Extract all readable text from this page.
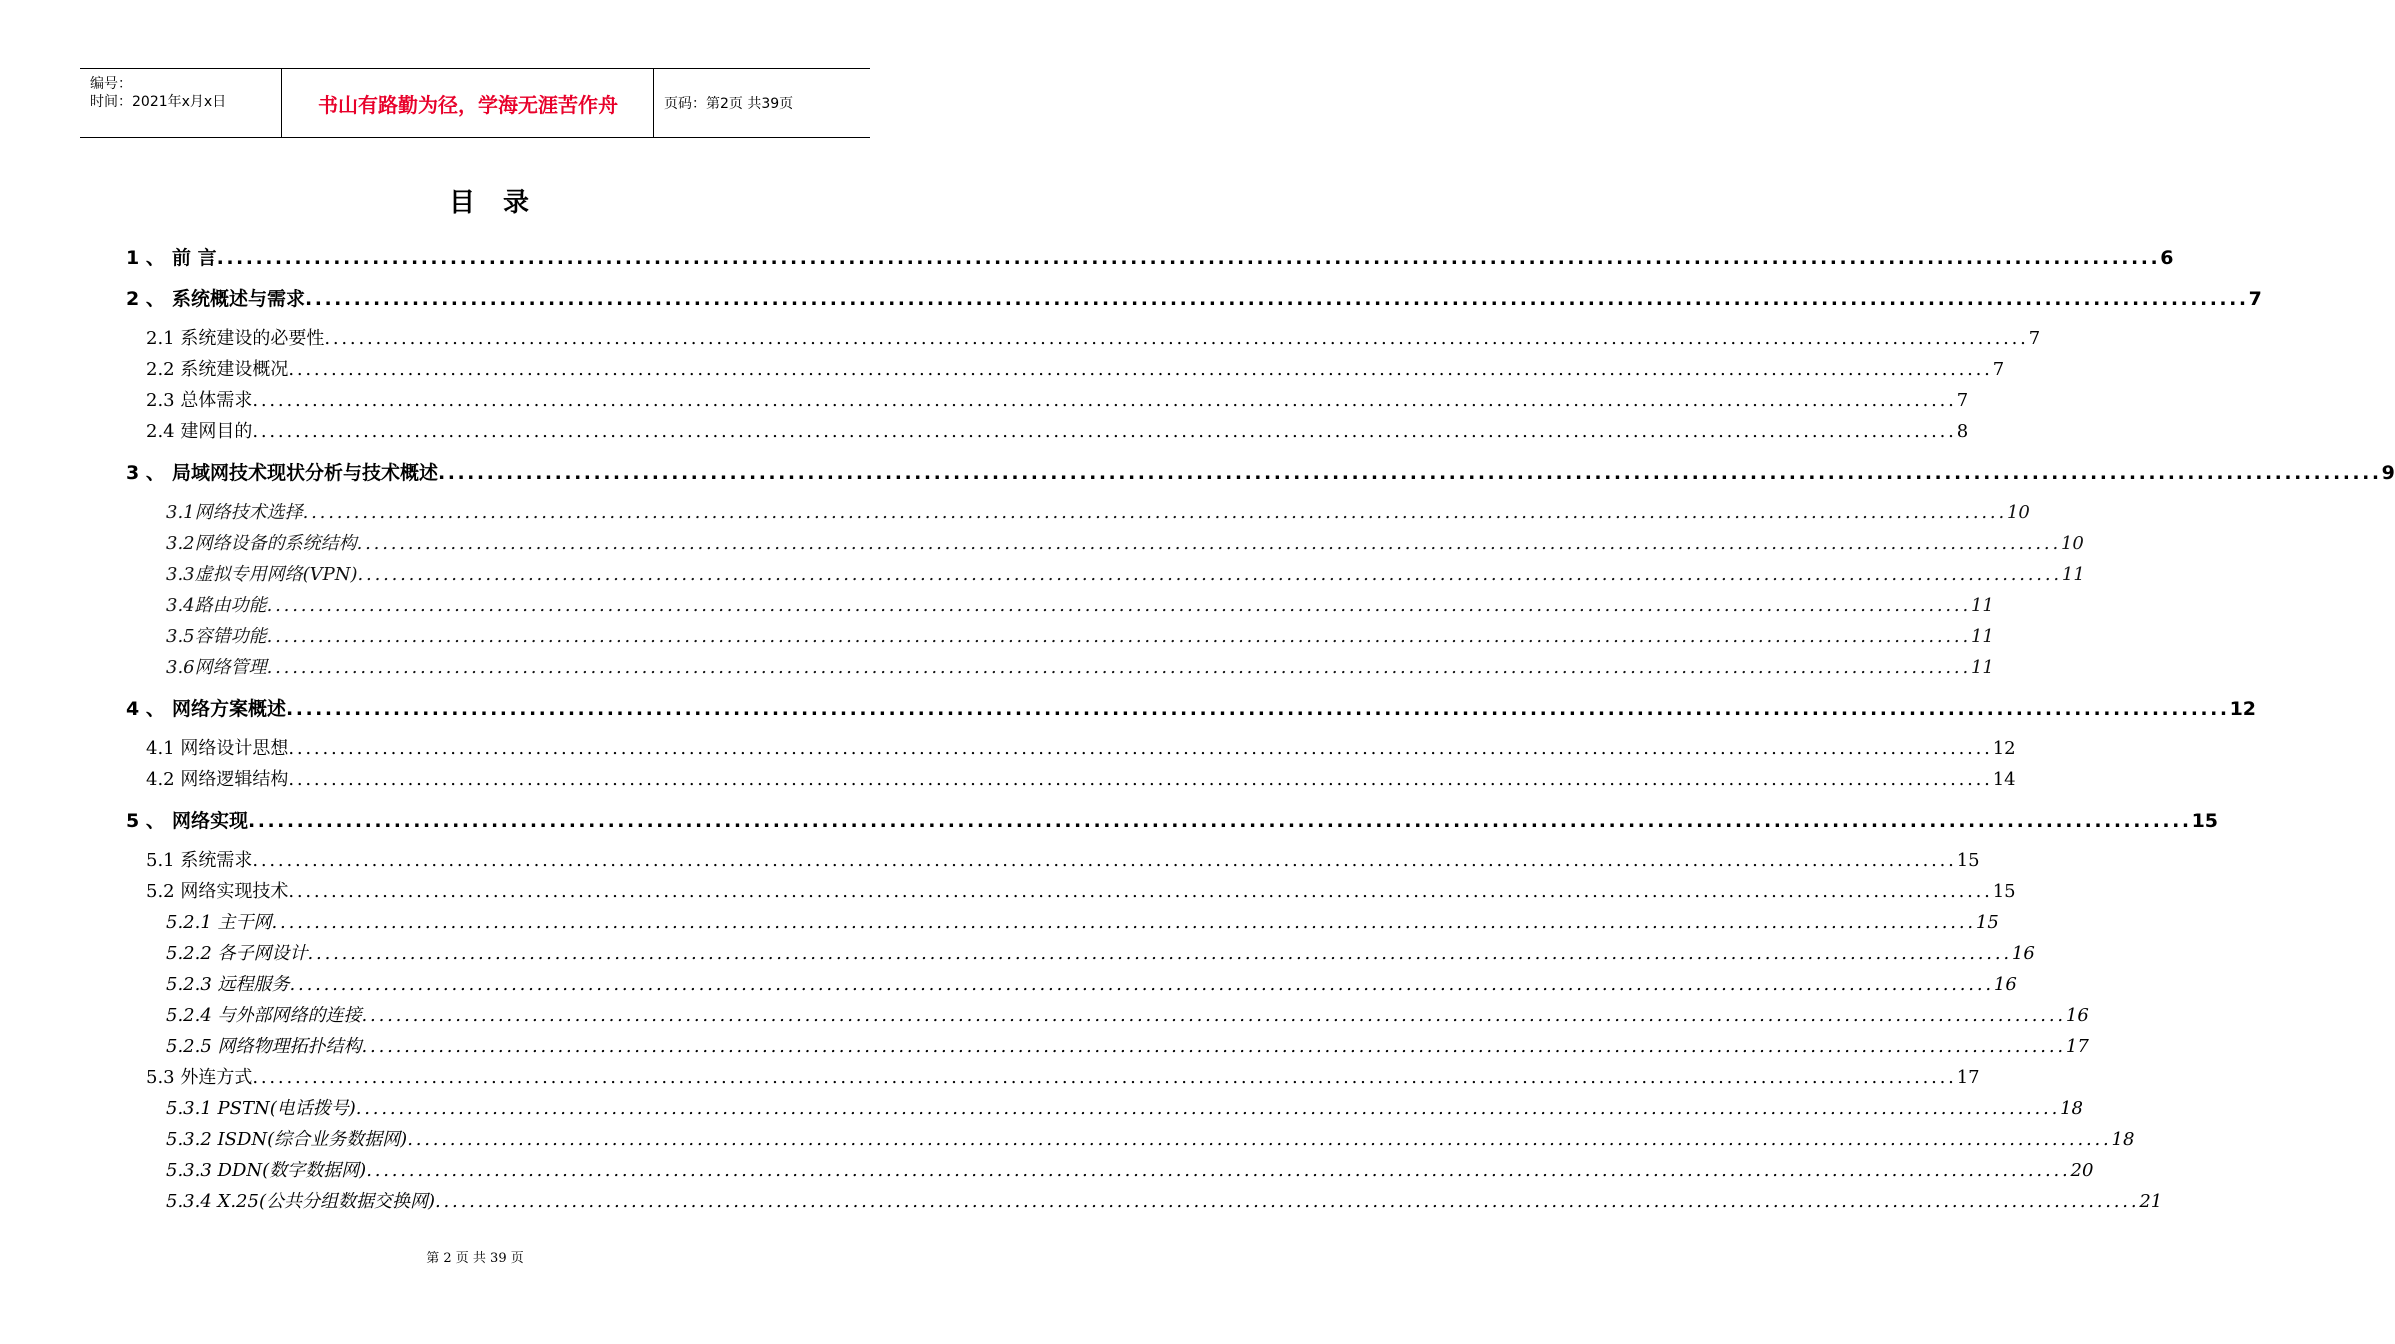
编号：
时间：2021年x月x日	书山有路勤为径，学海无涯苦作舟	页码：第2页 共39页
目录
1 、 前 言 ........................................................................................................................................................................................................ 6
2 、 系统概述与需求 ........................................................................................................................................................................................................ 7
2.1 系统建设的必要性 ........................................................................................................................................................................................................ 7
2.2 系统建设概况 ........................................................................................................................................................................................................ 7
2.3 总体需求 ........................................................................................................................................................................................................ 7
2.4 建网目的 ........................................................................................................................................................................................................ 8
3 、 局域网技术现状分析与技术概述 ........................................................................................................................................................................................................ 9
3.1网络技术选择 ........................................................................................................................................................................................................ 10
3.2网络设备的系统结构 ........................................................................................................................................................................................................ 10
3.3虚拟专用网络(VPN) ........................................................................................................................................................................................................ 11
3.4路由功能 ........................................................................................................................................................................................................ 11
3.5容错功能 ........................................................................................................................................................................................................ 11
3.6网络管理 ........................................................................................................................................................................................................ 11
4 、 网络方案概述 ........................................................................................................................................................................................................ 12
4.1 网络设计思想 ........................................................................................................................................................................................................ 12
4.2 网络逻辑结构 ........................................................................................................................................................................................................ 14
5 、 网络实现 ........................................................................................................................................................................................................ 15
5.1 系统需求 ........................................................................................................................................................................................................ 15
5.2 网络实现技术 ........................................................................................................................................................................................................ 15
5.2.1 主干网 ........................................................................................................................................................................................................ 15
5.2.2 各子网设计 ........................................................................................................................................................................................................ 16
5.2.3 远程服务 ........................................................................................................................................................................................................ 16
5.2.4 与外部网络的连接 ........................................................................................................................................................................................................ 16
5.2.5 网络物理拓扑结构 ........................................................................................................................................................................................................ 17
5.3 外连方式 ........................................................................................................................................................................................................ 17
5.3.1 PSTN(电话拨号) ........................................................................................................................................................................................................ 18
5.3.2 ISDN(综合业务数据网) ........................................................................................................................................................................................................ 18
5.3.3 DDN(数字数据网) ........................................................................................................................................................................................................ 20
5.3.4 X.25(公共分组数据交换网) ........................................................................................................................................................................................................ 21
第 2 页 共 39 页
